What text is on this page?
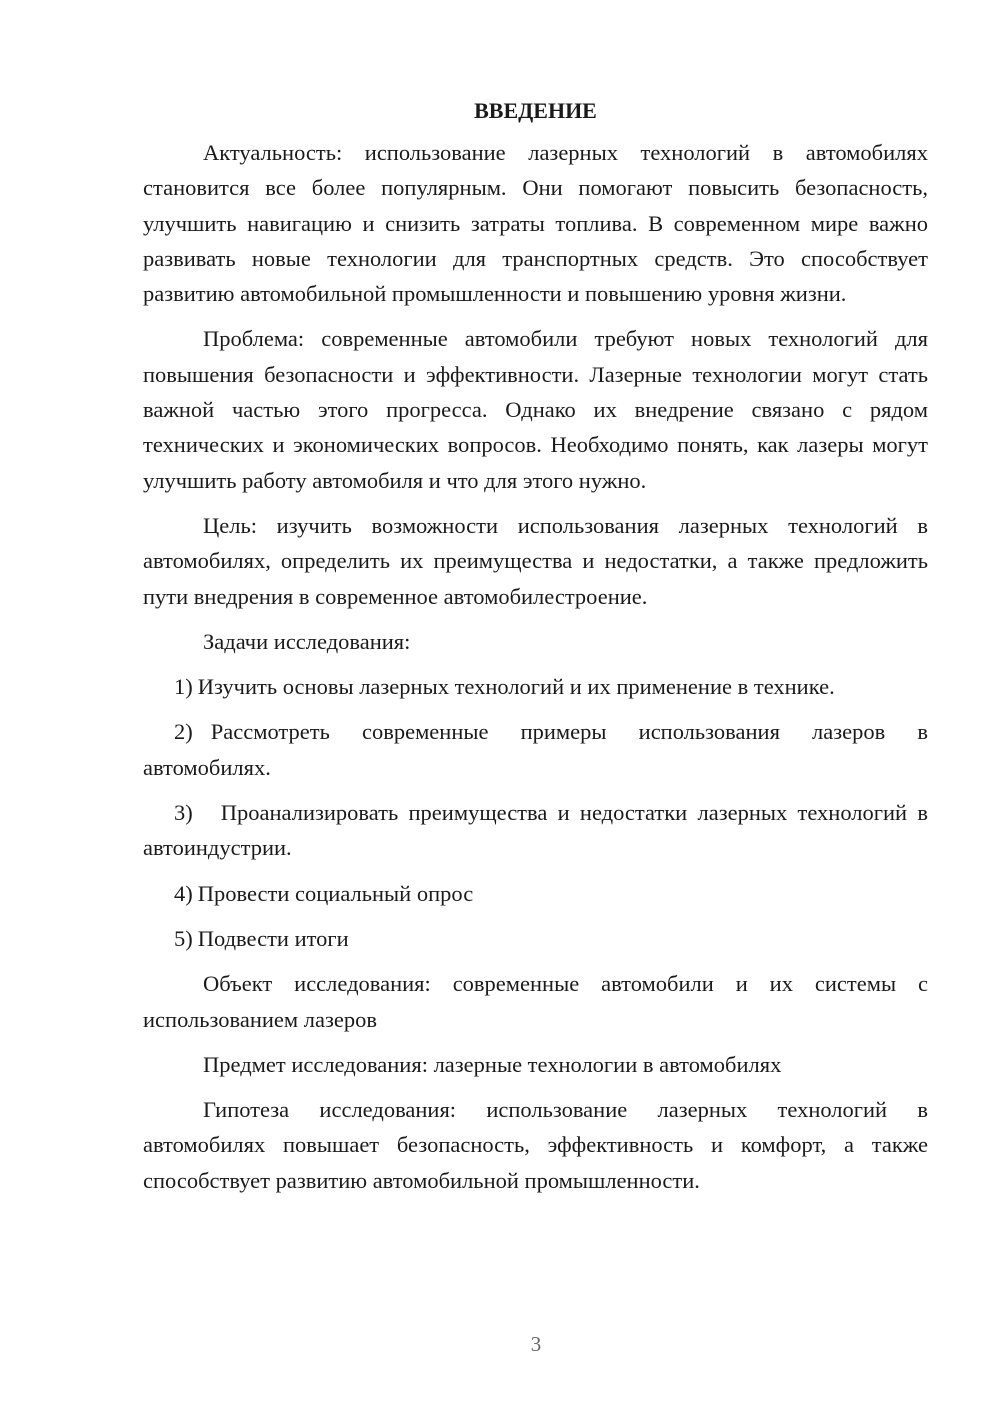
ВВЕДЕНИЕ

Актуальность: использование лазерных технологий в автомобилях становится все более популярным. Они помогают повысить безопасность, улучшить навигацию и снизить затраты топлива. В современном мире важно развивать новые технологии для транспортных средств. Это способствует развитию автомобильной промышленности и повышению уровня жизни.

Проблема: современные автомобили требуют новых технологий для повышения безопасности и эффективности. Лазерные технологии могут стать важной частью этого прогресса. Однако их внедрение связано с рядом технических и экономических вопросов. Необходимо понять, как лазеры могут улучшить работу автомобиля и что для этого нужно.

Цель: изучить возможности использования лазерных технологий в автомобилях, определить их преимущества и недостатки, а также предложить пути внедрения в современное автомобилестроение.

Задачи исследования:

1) Изучить основы лазерных технологий и их применение в технике.

2) Рассмотреть современные примеры использования лазеров в автомобилях.

3) Проанализировать преимущества и недостатки лазерных технологий в автоиндустрии.

4) Провести социальный опрос

5) Подвести итоги

Объект исследования: современные автомобили и их системы с использованием лазеров

Предмет исследования: лазерные технологии в автомобилях

Гипотеза исследования: использование лазерных технологий в автомобилях повышает безопасность, эффективность и комфорт, а также способствует развитию автомобильной промышленности.

3
